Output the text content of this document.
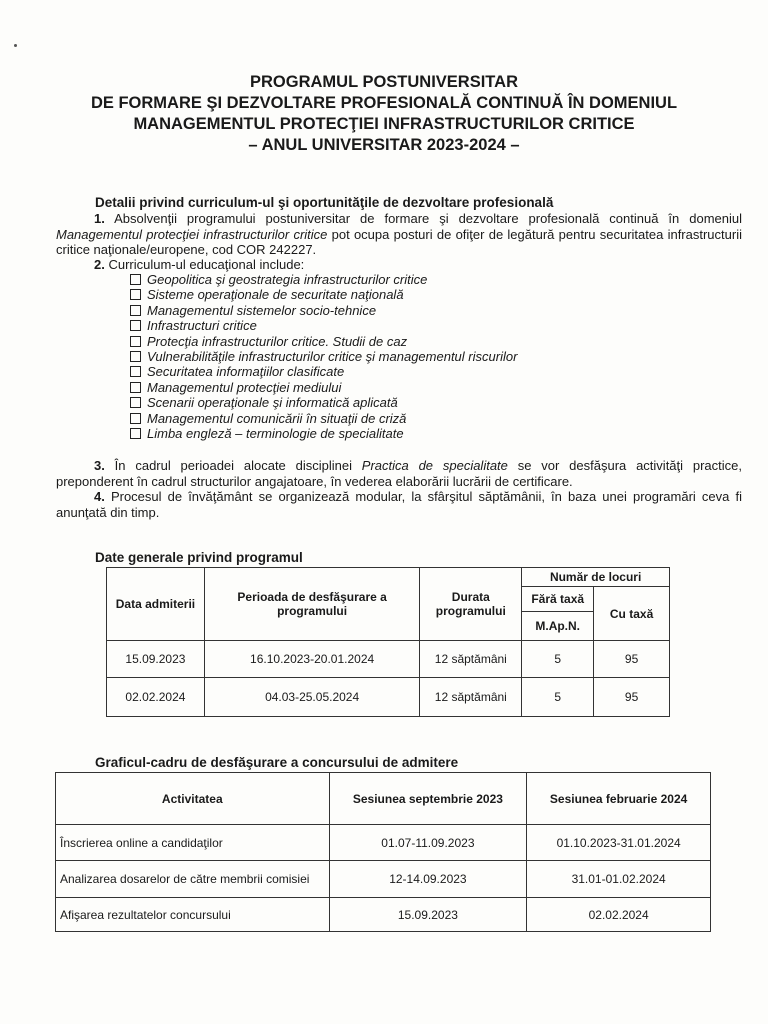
PROGRAMUL POSTUNIVERSITAR
DE FORMARE ŞI DEZVOLTARE PROFESIONALĂ CONTINUĂ ÎN DOMENIUL
MANAGEMENTUL PROTECŢIEI INFRASTRUCTURILOR CRITICE
– ANUL UNIVERSITAR 2023-2024 –
Detalii privind curriculum-ul şi oportunităţile de dezvoltare profesională
1. Absolvenţii programului postuniversitar de formare şi dezvoltare profesională continuă în domeniul Managementul protecţiei infrastructurilor critice pot ocupa posturi de ofiţer de legătură pentru securitatea infrastructurii critice naţionale/europene, cod COR 242227.
2. Curriculum-ul educaţional include:
Geopolitica şi geostrategia infrastructurilor critice
Sisteme operaţionale de securitate naţională
Managementul sistemelor socio-tehnice
Infrastructuri critice
Protecţia infrastructurilor critice. Studii de caz
Vulnerabilităţile infrastructurilor critice şi managementul riscurilor
Securitatea informaţiilor clasificate
Managementul protecţiei mediului
Scenarii operaţionale şi informatică aplicată
Managementul comunicării în situaţii de criză
Limba engleză – terminologie de specialitate
3. În cadrul perioadei alocate disciplinei Practica de specialitate se vor desfăşura activităţi practice, preponderent în cadrul structurilor angajatoare, în vederea elaborării lucrării de certificare.
4. Procesul de învăţământ se organizează modular, la sfârşitul săptămânii, în baza unei programări ceva fi anunţată din timp.
Date generale privind programul
Data admiterii	Perioada de desfăşurare a programului	Durata programului	Număr de locuri	
			Fără taxă	Cu taxă
			M.Ap.N.	
15.09.2023	16.10.2023-20.01.2024	12 săptămâni	5	95
02.02.2024	04.03-25.05.2024	12 săptămâni	5	95
Graficul-cadru de desfăşurare a concursului de admitere
Activitatea	Sesiunea septembrie 2023	Sesiunea februarie 2024
Înscrierea online a candidaţilor	01.07-11.09.2023	01.10.2023-31.01.2024
Analizarea dosarelor de către membrii comisiei	12-14.09.2023	31.01-01.02.2024
Afişarea rezultatelor concursului	15.09.2023	02.02.2024
